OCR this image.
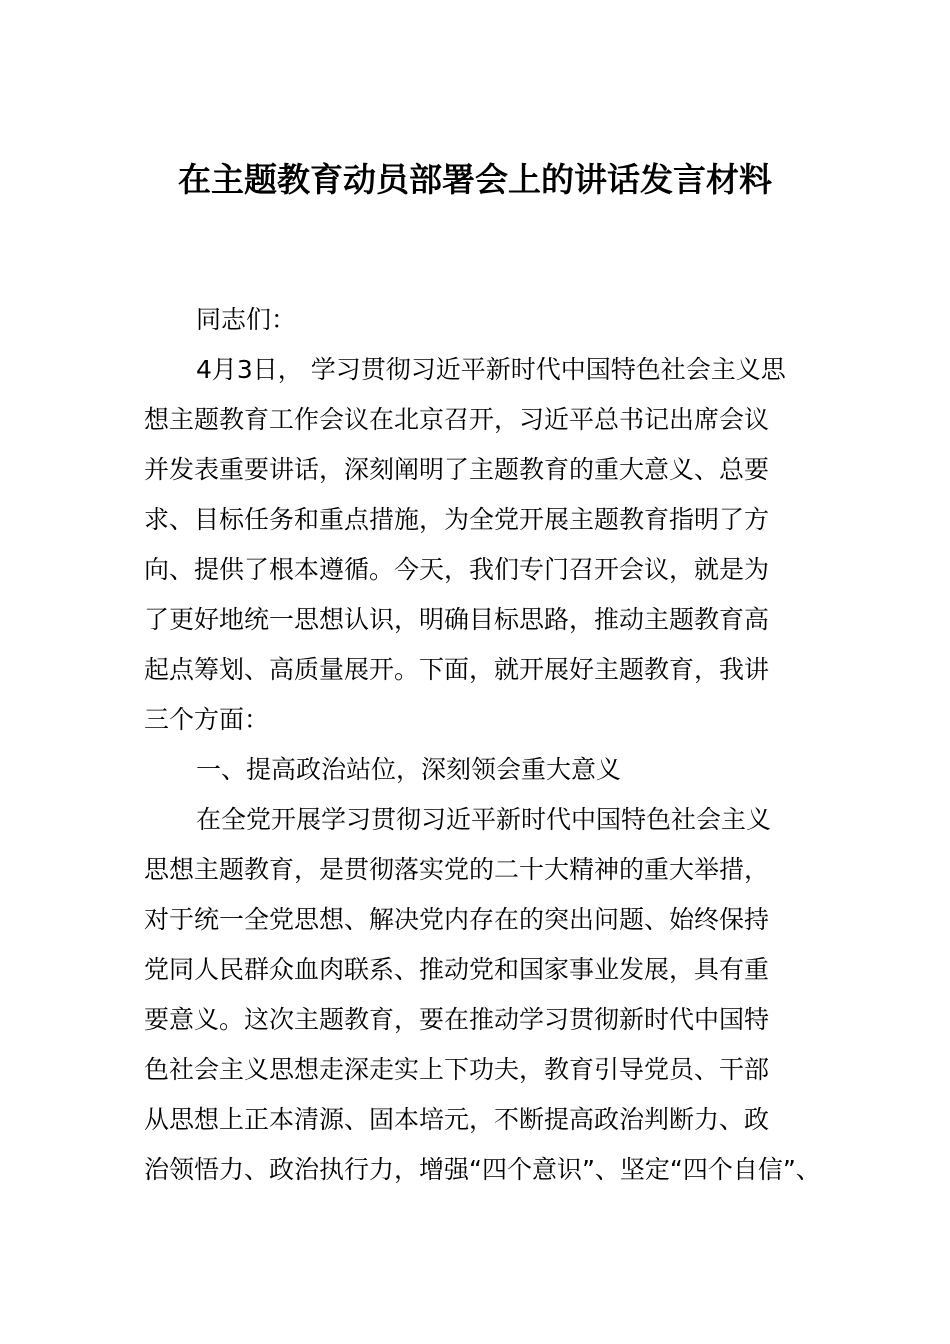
在主题教育动员部署会上的讲话发言材料
同志们：
4月3日， 学习贯彻习近平新时代中国特色社会主义思
想主题教育工作会议在北京召开，习近平总书记出席会议
并发表重要讲话，深刻阐明了主题教育的重大意义、总要
求、目标任务和重点措施，为全党开展主题教育指明了方
向、提供了根本遵循。今天，我们专门召开会议，就是为
了更好地统一思想认识，明确目标思路，推动主题教育高
起点筹划、高质量展开。下面，就开展好主题教育，我讲
三个方面：
一、提高政治站位，深刻领会重大意义
在全党开展学习贯彻习近平新时代中国特色社会主义
思想主题教育，是贯彻落实党的二十大精神的重大举措，
对于统一全党思想、解决党内存在的突出问题、始终保持
党同人民群众血肉联系、推动党和国家事业发展，具有重
要意义。这次主题教育，要在推动学习贯彻新时代中国特
色社会主义思想走深走实上下功夫，教育引导党员、干部
从思想上正本清源、固本培元，不断提高政治判断力、政
治领悟力、政治执行力，增强“四个意识”、坚定“四个自信”、
